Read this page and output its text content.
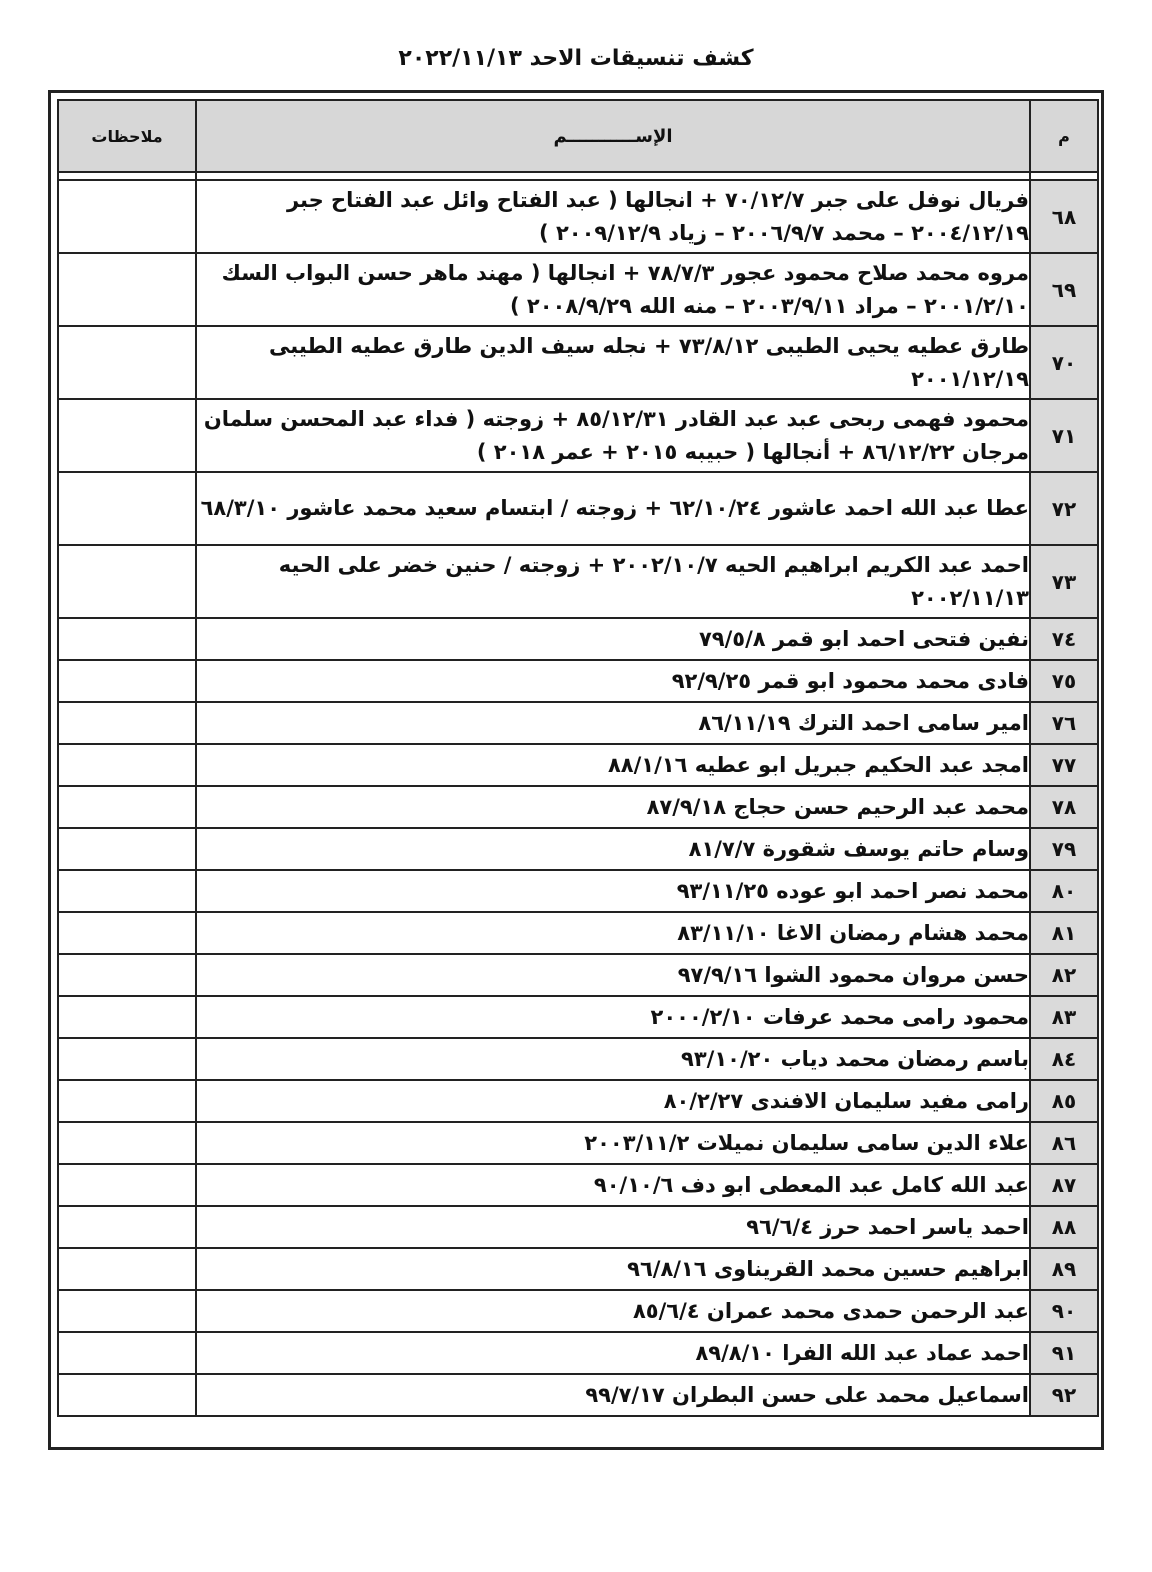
كشف تنسيقات الاحد ٢٠٢٢/١١/١٣
م	الإســـــــــــم	ملاحظات

٦٨	فريال نوفل على جبر ٧٠/١٢/٧ + انجالها ( عبد الفتاح وائل عبد الفتاح جبر ٢٠٠٤/١٢/١٩ – محمد ٢٠٠٦/٩/٧ – زياد ٢٠٠٩/١٢/٩ )	
٦٩	مروه محمد صلاح محمود عجور ٧٨/٧/٣ + انجالها ( مهند ماهر حسن البواب السك ٢٠٠١/٢/١٠ – مراد ٢٠٠٣/٩/١١ – منه الله ٢٠٠٨/٩/٢٩ )	
٧٠	طارق عطيه يحيى الطيبى ٧٣/٨/١٢ + نجله سيف الدين طارق عطيه الطيبى ٢٠٠١/١٢/١٩	
٧١	محمود فهمى ربحى عبد عبد القادر ٨٥/١٢/٣١ + زوجته ( فداء عبد المحسن سلمان مرجان ٨٦/١٢/٢٢ + أنجالها ( حبيبه ٢٠١٥ + عمر ٢٠١٨ )	
٧٢	عطا عبد الله احمد عاشور ٦٢/١٠/٢٤ + زوجته / ابتسام سعيد محمد عاشور ٦٨/٣/١٠	
٧٣	احمد عبد الكريم ابراهيم الحيه ٢٠٠٢/١٠/٧ + زوجته / حنين خضر على الحيه ٢٠٠٢/١١/١٣	
٧٤	نفين فتحى احمد ابو قمر ٧٩/٥/٨	
٧٥	فادى محمد محمود ابو قمر ٩٢/٩/٢٥	
٧٦	امير سامى احمد الترك ٨٦/١١/١٩	
٧٧	امجد عبد الحكيم جبريل ابو عطيه ٨٨/١/١٦	
٧٨	محمد عبد الرحيم حسن حجاج ٨٧/٩/١٨	
٧٩	وسام حاتم يوسف شقورة ٨١/٧/٧	
٨٠	محمد نصر احمد ابو عوده ٩٣/١١/٢٥	
٨١	محمد هشام رمضان الاغا ٨٣/١١/١٠	
٨٢	حسن مروان محمود الشوا ٩٧/٩/١٦	
٨٣	محمود رامى محمد عرفات ٢٠٠٠/٢/١٠	
٨٤	باسم رمضان محمد دياب ٩٣/١٠/٢٠	
٨٥	رامى مفيد سليمان الافندى ٨٠/٢/٢٧	
٨٦	علاء الدين سامى سليمان نميلات ٢٠٠٣/١١/٢	
٨٧	عبد الله كامل عبد المعطى ابو دف ٩٠/١٠/٦	
٨٨	احمد ياسر احمد حرز ٩٦/٦/٤	
٨٩	ابراهيم حسين محمد القريناوى ٩٦/٨/١٦	
٩٠	عبد الرحمن حمدى محمد عمران ٨٥/٦/٤	
٩١	احمد عماد عبد الله الفرا ٨٩/٨/١٠	
٩٢	اسماعيل محمد على حسن البطران ٩٩/٧/١٧	
